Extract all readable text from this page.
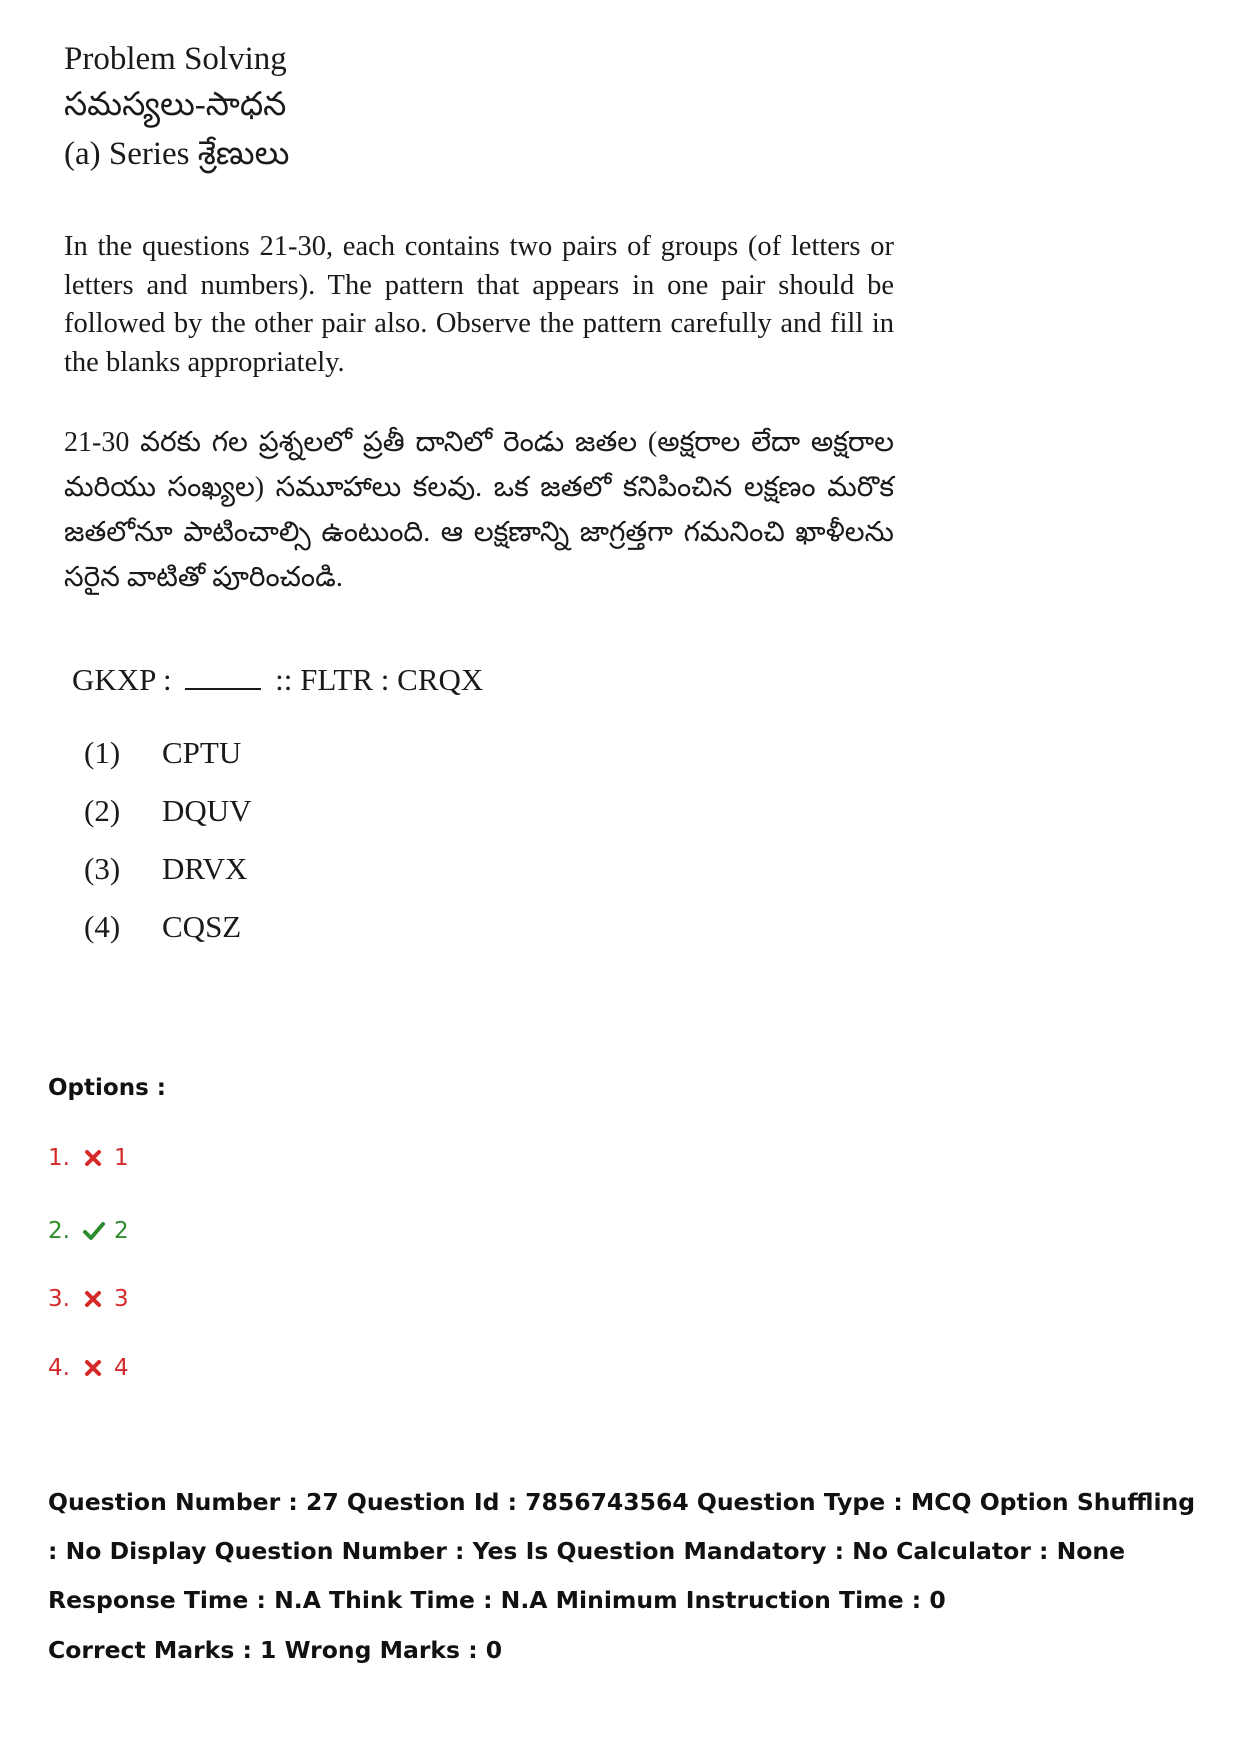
Problem Solving

సమస్యలు-సాధన

(a) Series శ్రేణులు

In the questions 21-30, each contains two pairs of groups (of letters or letters and numbers). The pattern that appears in one pair should be followed by the other pair also. Observe the pattern carefully and fill in the blanks appropriately.

21-30 వరకు గల ప్రశ్నలలో ప్రతీ దానిలో రెండు జతల (అక్షరాల లేదా అక్షరాల మరియు సంఖ్యల) సమూహాలు కలవు. ఒక జతలో కనిపించిన లక్షణం మరొక జతలోనూ పాటించాల్సి ఉంటుంది. ఆ లక్షణాన్ని జాగ్రత్తగా గమనించి ఖాళీలను సరైన వాటితో పూరించండి.

GKXP :	:: FLTR : CRQX

(1)	CPTU
(2)	DQUV
(3)	DRVX
(4)	CQSZ
Options :
1. 1
2. 2
3. 3
4. 4
Question Number : 27 Question Id : 7856743564 Question Type : MCQ Option Shuffling : No Display Question Number : Yes Is Question Mandatory : No Calculator : None Response Time : N.A Think Time : N.A Minimum Instruction Time : 0
Correct Marks : 1 Wrong Marks : 0
